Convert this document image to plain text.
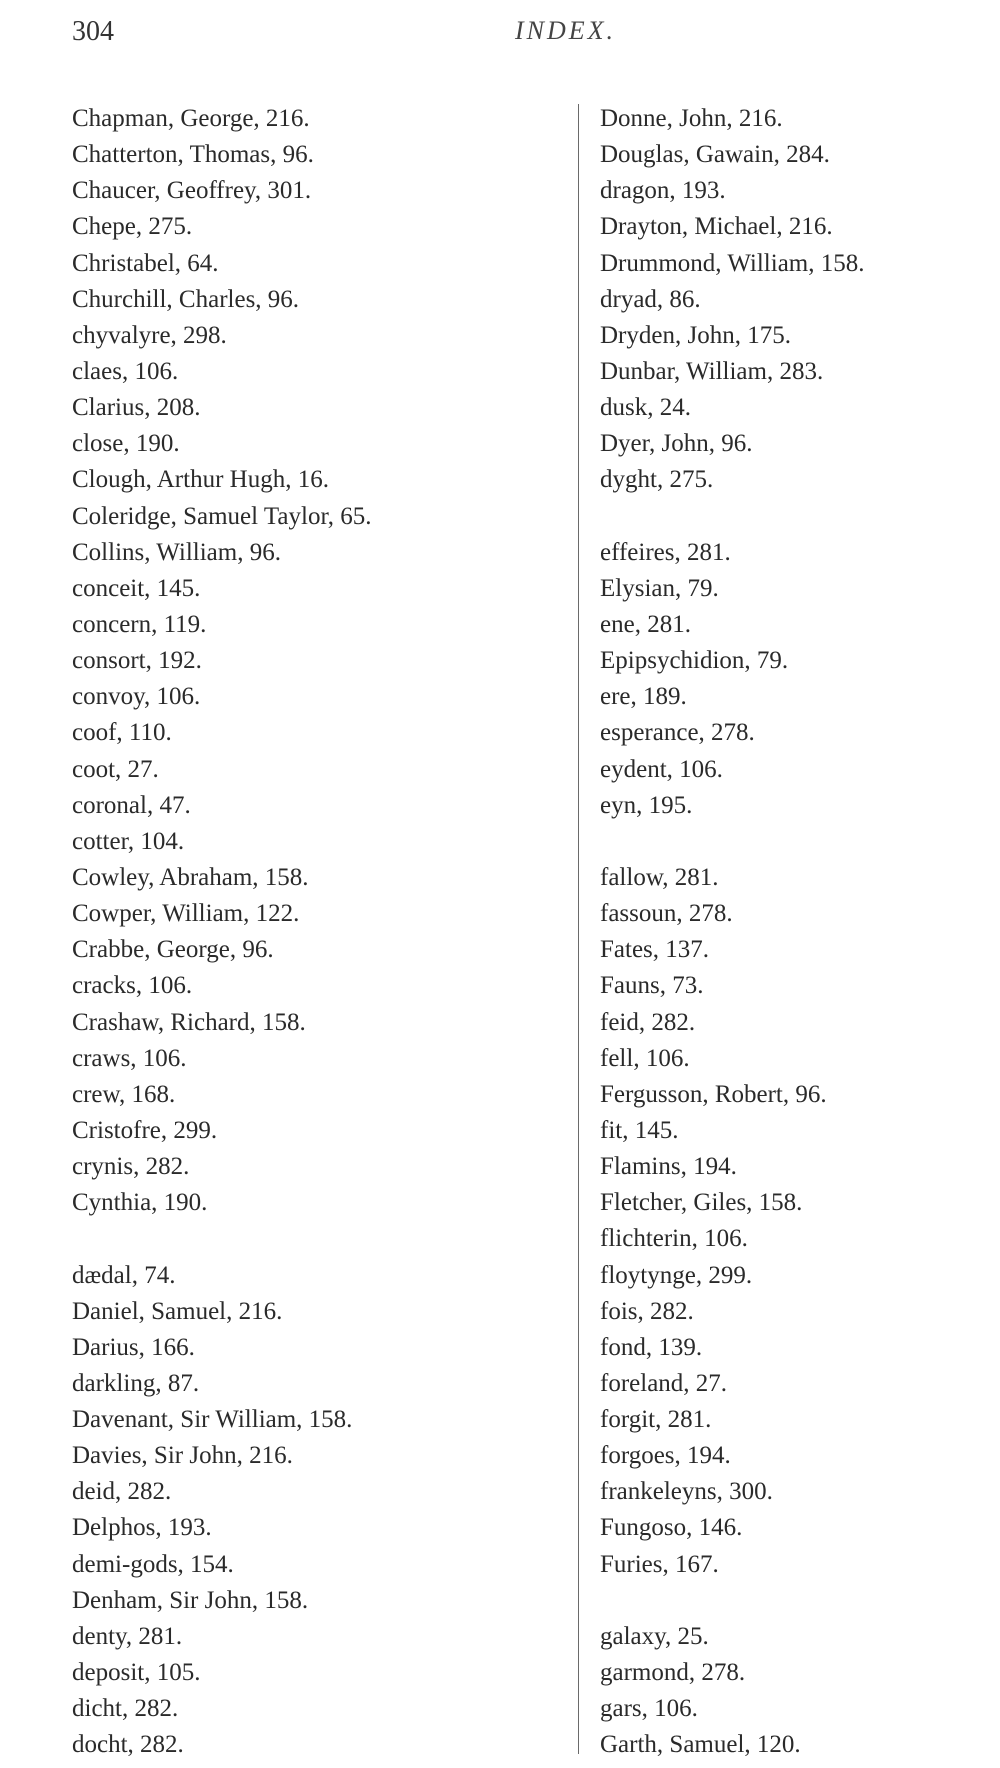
304	INDEX.
Chapman, George, 216.
Chatterton, Thomas, 96.
Chaucer, Geoffrey, 301.
Chepe, 275.
Christabel, 64.
Churchill, Charles, 96.
chyvalyre, 298.
claes, 106.
Clarius, 208.
close, 190.
Clough, Arthur Hugh, 16.
Coleridge, Samuel Taylor, 65.
Collins, William, 96.
conceit, 145.
concern, 119.
consort, 192.
convoy, 106.
coof, 110.
coot, 27.
coronal, 47.
cotter, 104.
Cowley, Abraham, 158.
Cowper, William, 122.
Crabbe, George, 96.
cracks, 106.
Crashaw, Richard, 158.
craws, 106.
crew, 168.
Cristofre, 299.
crynis, 282.
Cynthia, 190.
dædal, 74.
Daniel, Samuel, 216.
Darius, 166.
darkling, 87.
Davenant, Sir William, 158.
Davies, Sir John, 216.
deid, 282.
Delphos, 193.
demi-gods, 154.
Denham, Sir John, 158.
denty, 281.
deposit, 105.
dicht, 282.
docht, 282.
Donne, John, 216.
Douglas, Gawain, 284.
dragon, 193.
Drayton, Michael, 216.
Drummond, William, 158.
dryad, 86.
Dryden, John, 175.
Dunbar, William, 283.
dusk, 24.
Dyer, John, 96.
dyght, 275.
effeires, 281.
Elysian, 79.
ene, 281.
Epipsychidion, 79.
ere, 189.
esperance, 278.
eydent, 106.
eyn, 195.
fallow, 281.
fassoun, 278.
Fates, 137.
Fauns, 73.
feid, 282.
fell, 106.
Fergusson, Robert, 96.
fit, 145.
Flamins, 194.
Fletcher, Giles, 158.
flichterin, 106.
floytynge, 299.
fois, 282.
fond, 139.
foreland, 27.
forgit, 281.
forgoes, 194.
frankeleyns, 300.
Fungoso, 146.
Furies, 167.
galaxy, 25.
garmond, 278.
gars, 106.
Garth, Samuel, 120.
